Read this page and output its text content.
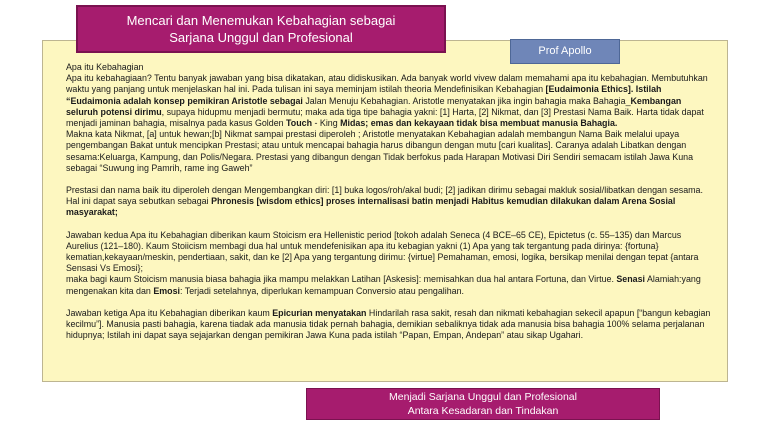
Mencari dan Menemukan Kebahagian sebagai
Sarjana Unggul dan Profesional
Prof Apollo

Apa itu Kebahagian
Apa itu kebahagiaan? Tentu banyak jawaban yang bisa dikatakan, atau didiskusikan. Ada banyak world vivew dalam memahami apa itu kebahagian. Membutuhkan waktu yang panjang untuk menjelaskan hal ini. Pada tulisan ini saya meminjam istilah theoria Mendefinisikan Kebahagian [Eudaimonia Ethics]. Istilah “Eudaimonia adalah konsep pemikiran Aristotle sebagai Jalan Menuju Kebahagian. Aristotle menyatakan jika ingin bahagia maka Bahagia_Kembangan seluruh potensi dirimu, supaya hidupmu menjadi bermutu; maka ada tiga tipe bahagia yakni: [1] Harta, [2] Nikmat, dan [3] Prestasi Nama Baik. Harta tidak dapat menjadi jaminan bahagia, misalnya pada kasus Golden Touch - King Midas; emas dan kekayaan tidak bisa membuat manusia Bahagia.
Makna kata Nikmat, [a] untuk hewan;[b] Nikmat sampai prestasi diperoleh ; Aristotle menyatakan Kebahagian adalah membangun Nama Baik melalui upaya pengembangan Bakat untuk mencipkan Prestasi; atau untuk mencapai bahagia harus dibangun dengan mutu [cari kualitas]. Caranya adalah Libatkan dengan sesama:Keluarga, Kampung, dan Polis/Negara. Prestasi yang dibangun dengan Tidak berfokus pada Harapan Motivasi Diri Sendiri semacam istilah Jawa Kuna sebagai “Suwung ing Pamrih, rame ing Gaweh”

Prestasi dan nama baik itu diperoleh dengan Mengembangkan diri: [1] buka logos/roh/akal budi; [2] jadikan dirimu sebagai makluk sosial/libatkan dengan sesama. Hal ini dapat saya sebutkan sebagai Phronesis [wisdom ethics] proses internalisasi batin menjadi Habitus kemudian dilakukan dalam Arena Sosial masyarakat;

Jawaban kedua Apa itu Kebahagian diberikan kaum Stoicism era Hellenistic period [tokoh adalah Seneca (4 BCE–65 CE), Epictetus (c. 55–135) dan Marcus Aurelius (121–180). Kaum Stoiicism membagi dua hal untuk mendefenisikan apa itu kebagian yakni (1) Apa yang tak tergantung pada dirinya: {fortuna} kematian,kekayaan/meskin, pendertiaan, sakit, dan ke [2] Apa yang tergantung dirimu: {virtue] Pemahaman, emosi, logika, bersikap menilai dengan tepat {antara Sensasi Vs Emosi};
maka bagi kaum Stoicism manusia biasa bahagia jika mampu melakkan Latihan [Askesis]: memisahkan dua hal antara Fortuna, dan Virtue. Senasi Alamiah:yang mengenakan kita dan Emosi: Terjadi setelahnya, diperlukan kemampuan Conversio atau pengalihan.

Jawaban ketiga Apa itu Kebahagian diberikan kaum Epicurian menyatakan Hindarilah rasa sakit, resah dan nikmati kebahagian sekecil apapun [“bangun kebagian kecilmu”]. Manusia pasti bahagia, karena tiadak ada manusia tidak pernah bahagia, demikian sebaliknya tidak ada manusia bisa bahagia 100% selama perjalanan hidupnya; Istilah ini dapat saya sejajarkan dengan pemikiran Jawa Kuna pada istilah “Papan, Empan, Andepan” atau sikap Ugahari.

Menjadi Sarjana Unggul dan Profesional
Antara Kesadaran dan Tindakan
